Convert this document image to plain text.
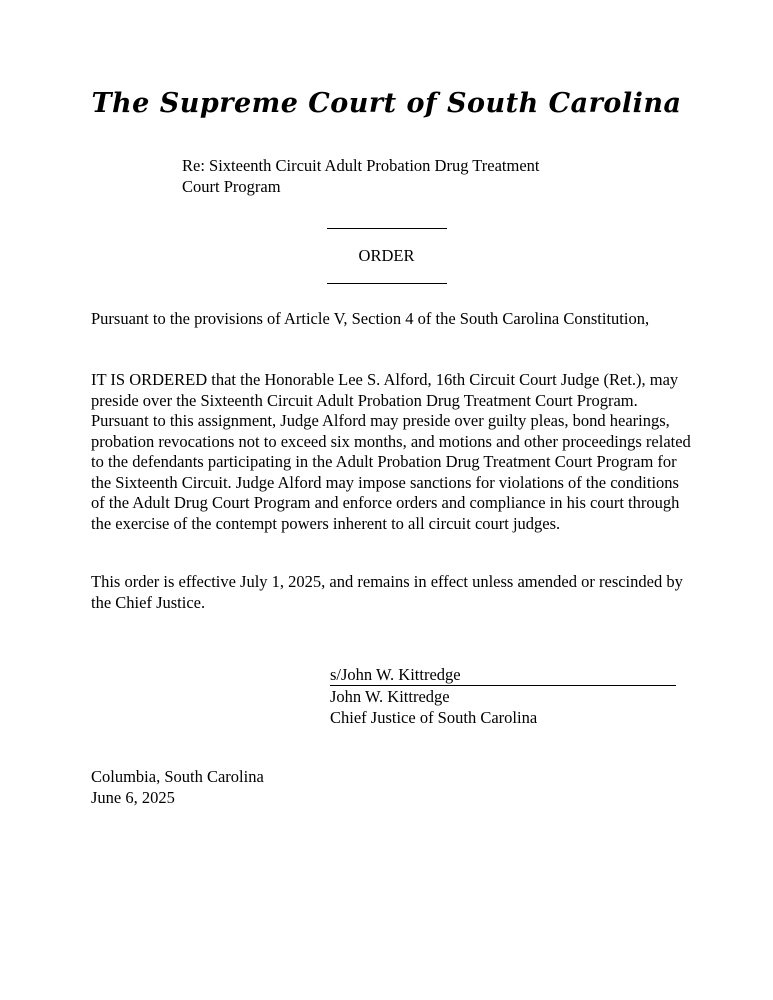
The Supreme Court of South Carolina
Re: Sixteenth Circuit Adult Probation Drug Treatment
Court Program
ORDER

Pursuant to the provisions of Article V, Section 4 of the South Carolina Constitution,

IT IS ORDERED that the Honorable Lee S. Alford, 16th Circuit Court Judge (Ret.), may preside over the Sixteenth Circuit Adult Probation Drug Treatment Court Program. Pursuant to this assignment, Judge Alford may preside over guilty pleas, bond hearings, probation revocations not to exceed six months, and motions and other proceedings related to the defendants participating in the Adult Probation Drug Treatment Court Program for the Sixteenth Circuit. Judge Alford may impose sanctions for violations of the conditions of the Adult Drug Court Program and enforce orders and compliance in his court through the exercise of the contempt powers inherent to all circuit court judges.

This order is effective July 1, 2025, and remains in effect unless amended or rescinded by the Chief Justice.

s/John W. Kittredge
John W. Kittredge
Chief Justice of South Carolina
Columbia, South Carolina
June 6, 2025
